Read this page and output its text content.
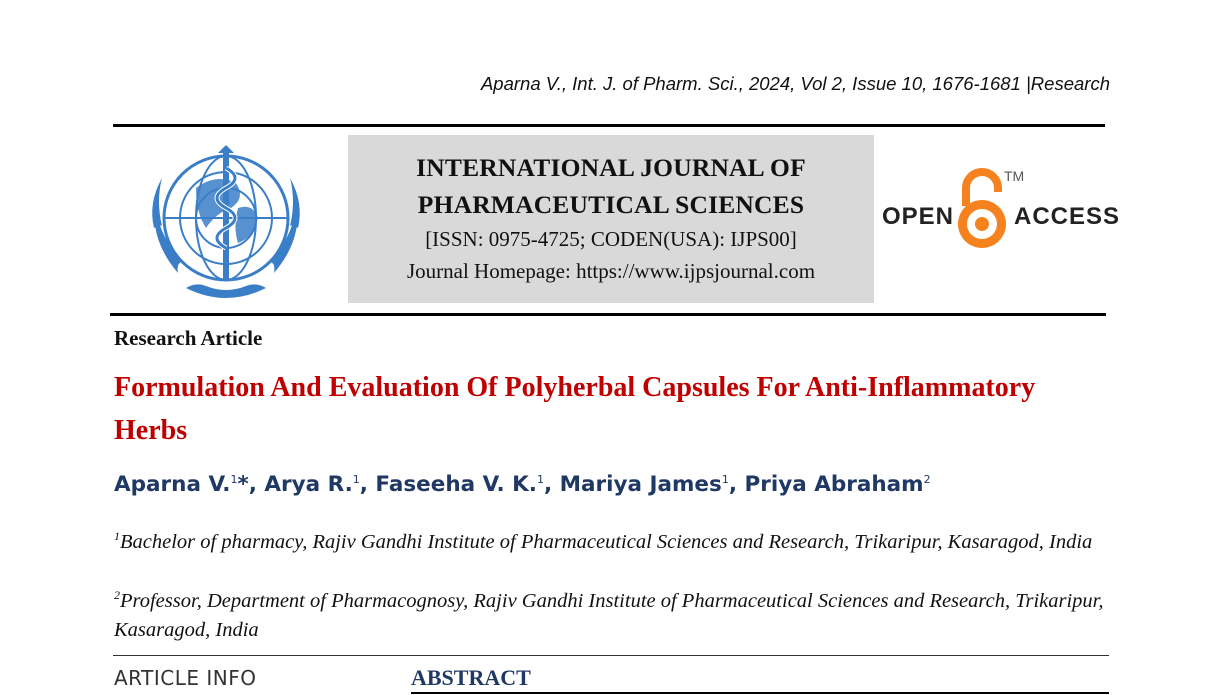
Aparna V., Int. J. of Pharm. Sci., 2024, Vol 2, Issue 10, 1676-1681 |Research
INTERNATIONAL JOURNAL OF
PHARMACEUTICAL SCIENCES
[ISSN: 0975-4725; CODEN(USA): IJPS00]
Journal Homepage: https://www.ijpsjournal.com
OPEN
TM
ACCESS
Research Article
Formulation And Evaluation Of Polyherbal Capsules For Anti-Inflammatory Herbs
Aparna V.$^1$*, Arya R.$^1$, Faseeha V. K.$^1$, Mariya James$^1$, Priya Abraham$^2$
$^1$Bachelor of pharmacy, Rajiv Gandhi Institute of Pharmaceutical Sciences and Research, Trikaripur, Kasaragod, India
$^2$Professor, Department of Pharmacognosy, Rajiv Gandhi Institute of Pharmaceutical Sciences and Research, Trikaripur, Kasaragod, India
ARTICLE INFO	ABSTRACT
